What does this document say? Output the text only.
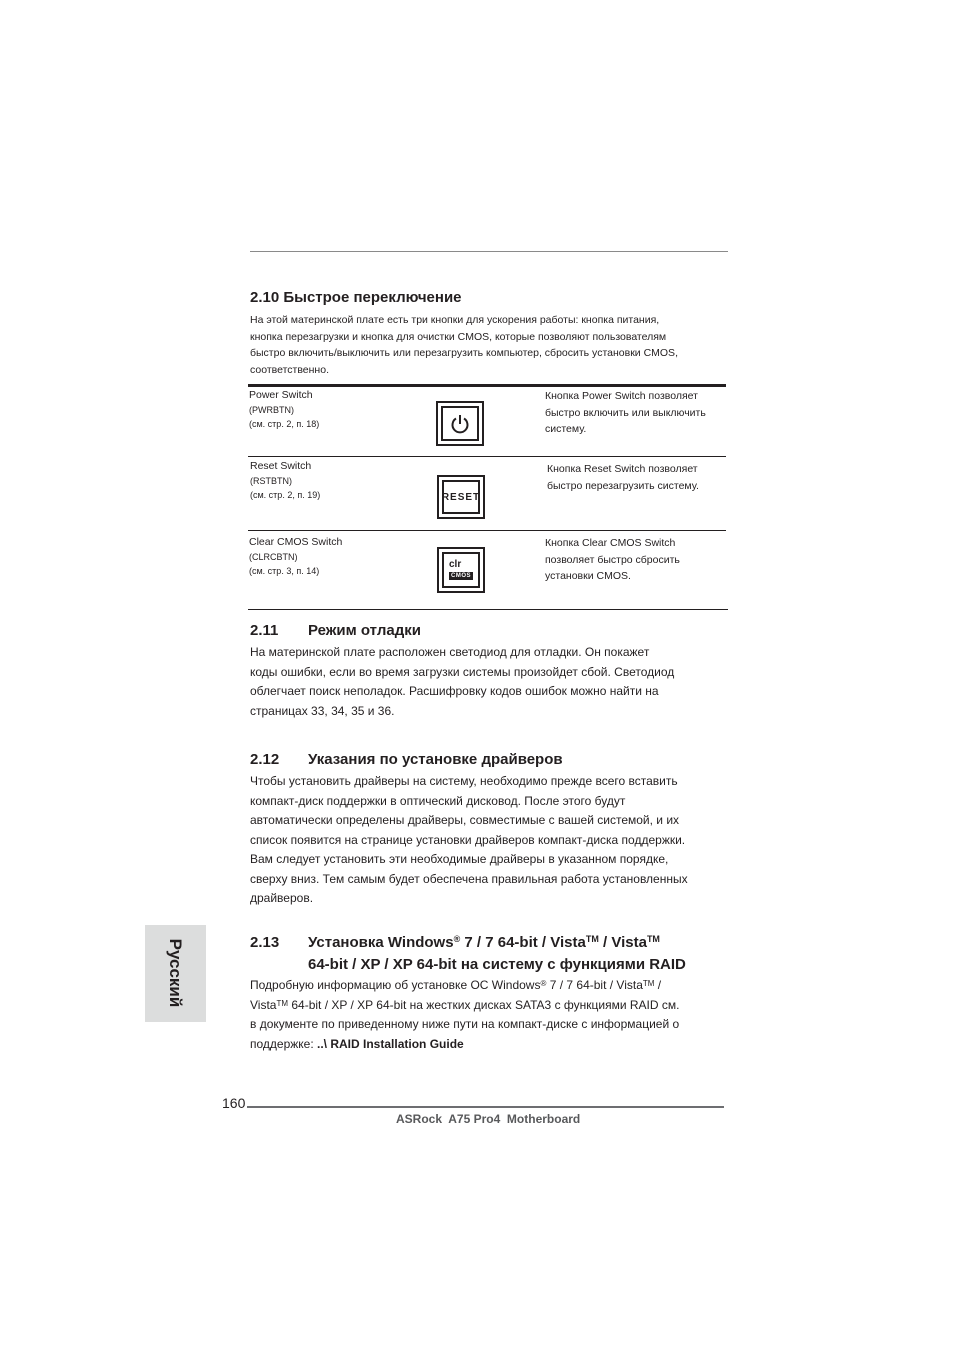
2.10 Быстрое переключение
На этой материнской плате есть три кнопки для ускорения работы: кнопка питания,
кнопка перезагрузки и кнопка для очистки CMOS, которые позволяют пользователям
быстро включить/выключить или перезагрузить компьютер, сбросить установки CMOS,
соответственно.
Power Switch
(PWRBTN)
(см. стр. 2, п. 18)
Кнопка Power Switch позволяет
быстро включить или выключить
систему.
Reset Switch
(RSTBTN)
(см. стр. 2, п. 19)	RESET
Кнопка Reset Switch позволяет
быстро перезагрузить систему.
Clear CMOS Switch
(CLRCBTN)
(см. стр. 3, п. 14)
clr
CMOS
Кнопка Clear CMOS Switch
позволяет быстро сбросить
установки CMOS.
2.11 Режим отладки
На материнской плате расположен светодиод для отладки. Он покажет
коды ошибки, если во время загрузки системы произойдет сбой. Светодиод
облегчает поиск неполадок. Расшифровку кодов ошибок можно найти на
страницах 33, 34, 35 и 36.
2.12 Указания по установке драйверов
Чтобы установить драйверы на систему, необходимо прежде всего вставить
компакт-диск поддержки в оптический дисковод. После этого будут
автоматически определены драйверы, совместимые с вашей системой, и их
список появится на странице установки драйверов компакт-диска поддержки.
Вам следует установить эти необходимые драйверы в указанном порядке,
сверху вниз. Тем самым будет обеспечена правильная работа установленных
драйверов.
2.13 Установка Windows® 7 / 7 64-bit / Vista™ / Vista™
64-bit / XP / XP 64-bit на систему с функциями RAID
Подробную информацию об установке ОС Windows® 7 / 7 64-bit / Vista™ /
Vista™ 64-bit / XP / XP 64-bit на жестких дисках SATA3 с функциями RAID см.
в документе по приведенному ниже пути на компакт-диске с информацией о
поддержке: ..\ RAID Installation Guide
Русский
160
ASRock  A75 Pro4  Motherboard
